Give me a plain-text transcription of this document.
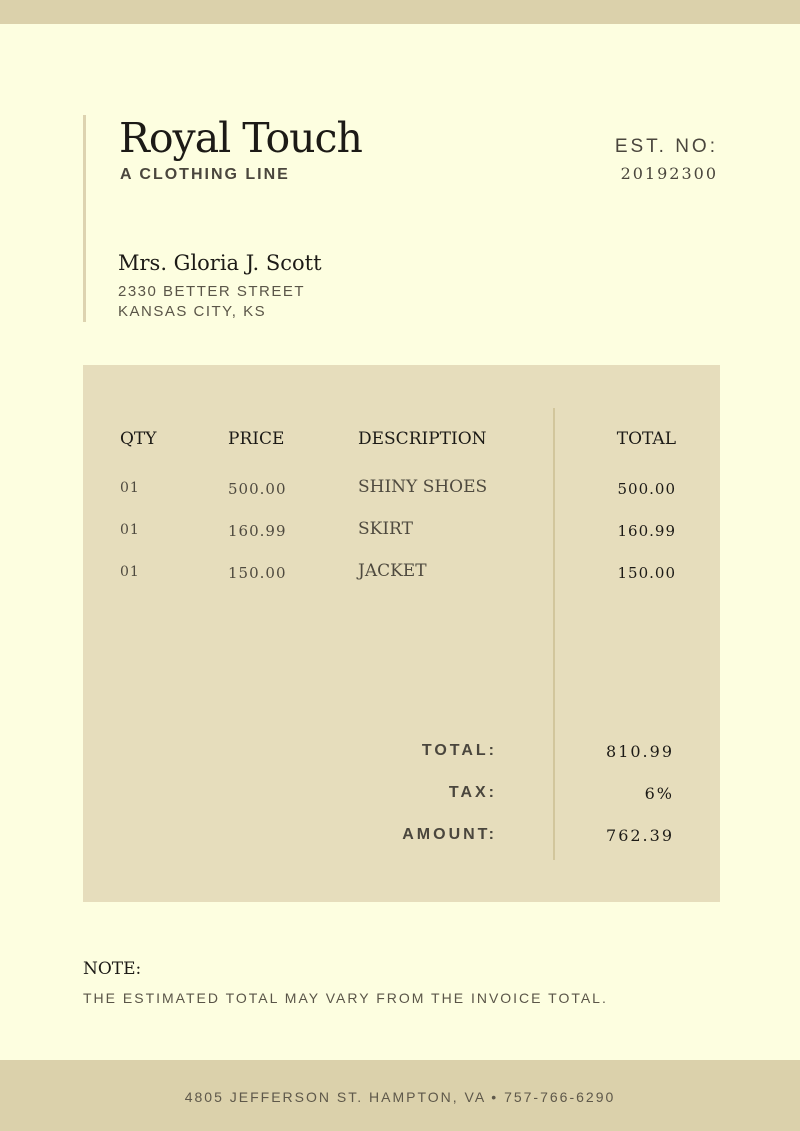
Royal Touch
A CLOTHING LINE
EST. NO:
20192300
Mrs. Gloria J. Scott
2330 BETTER STREET
KANSAS CITY, KS
QTY	PRICE	DESCRIPTION	TOTAL
01	500.00	SHINY SHOES	500.00
01	160.99	SKIRT	160.99
01	150.00	JACKET	150.00
TOTAL:	810.99
TAX:	6%
AMOUNT:	762.39
NOTE:
THE ESTIMATED TOTAL MAY VARY FROM THE INVOICE TOTAL.
4805 JEFFERSON ST. HAMPTON, VA • 757-766-6290
